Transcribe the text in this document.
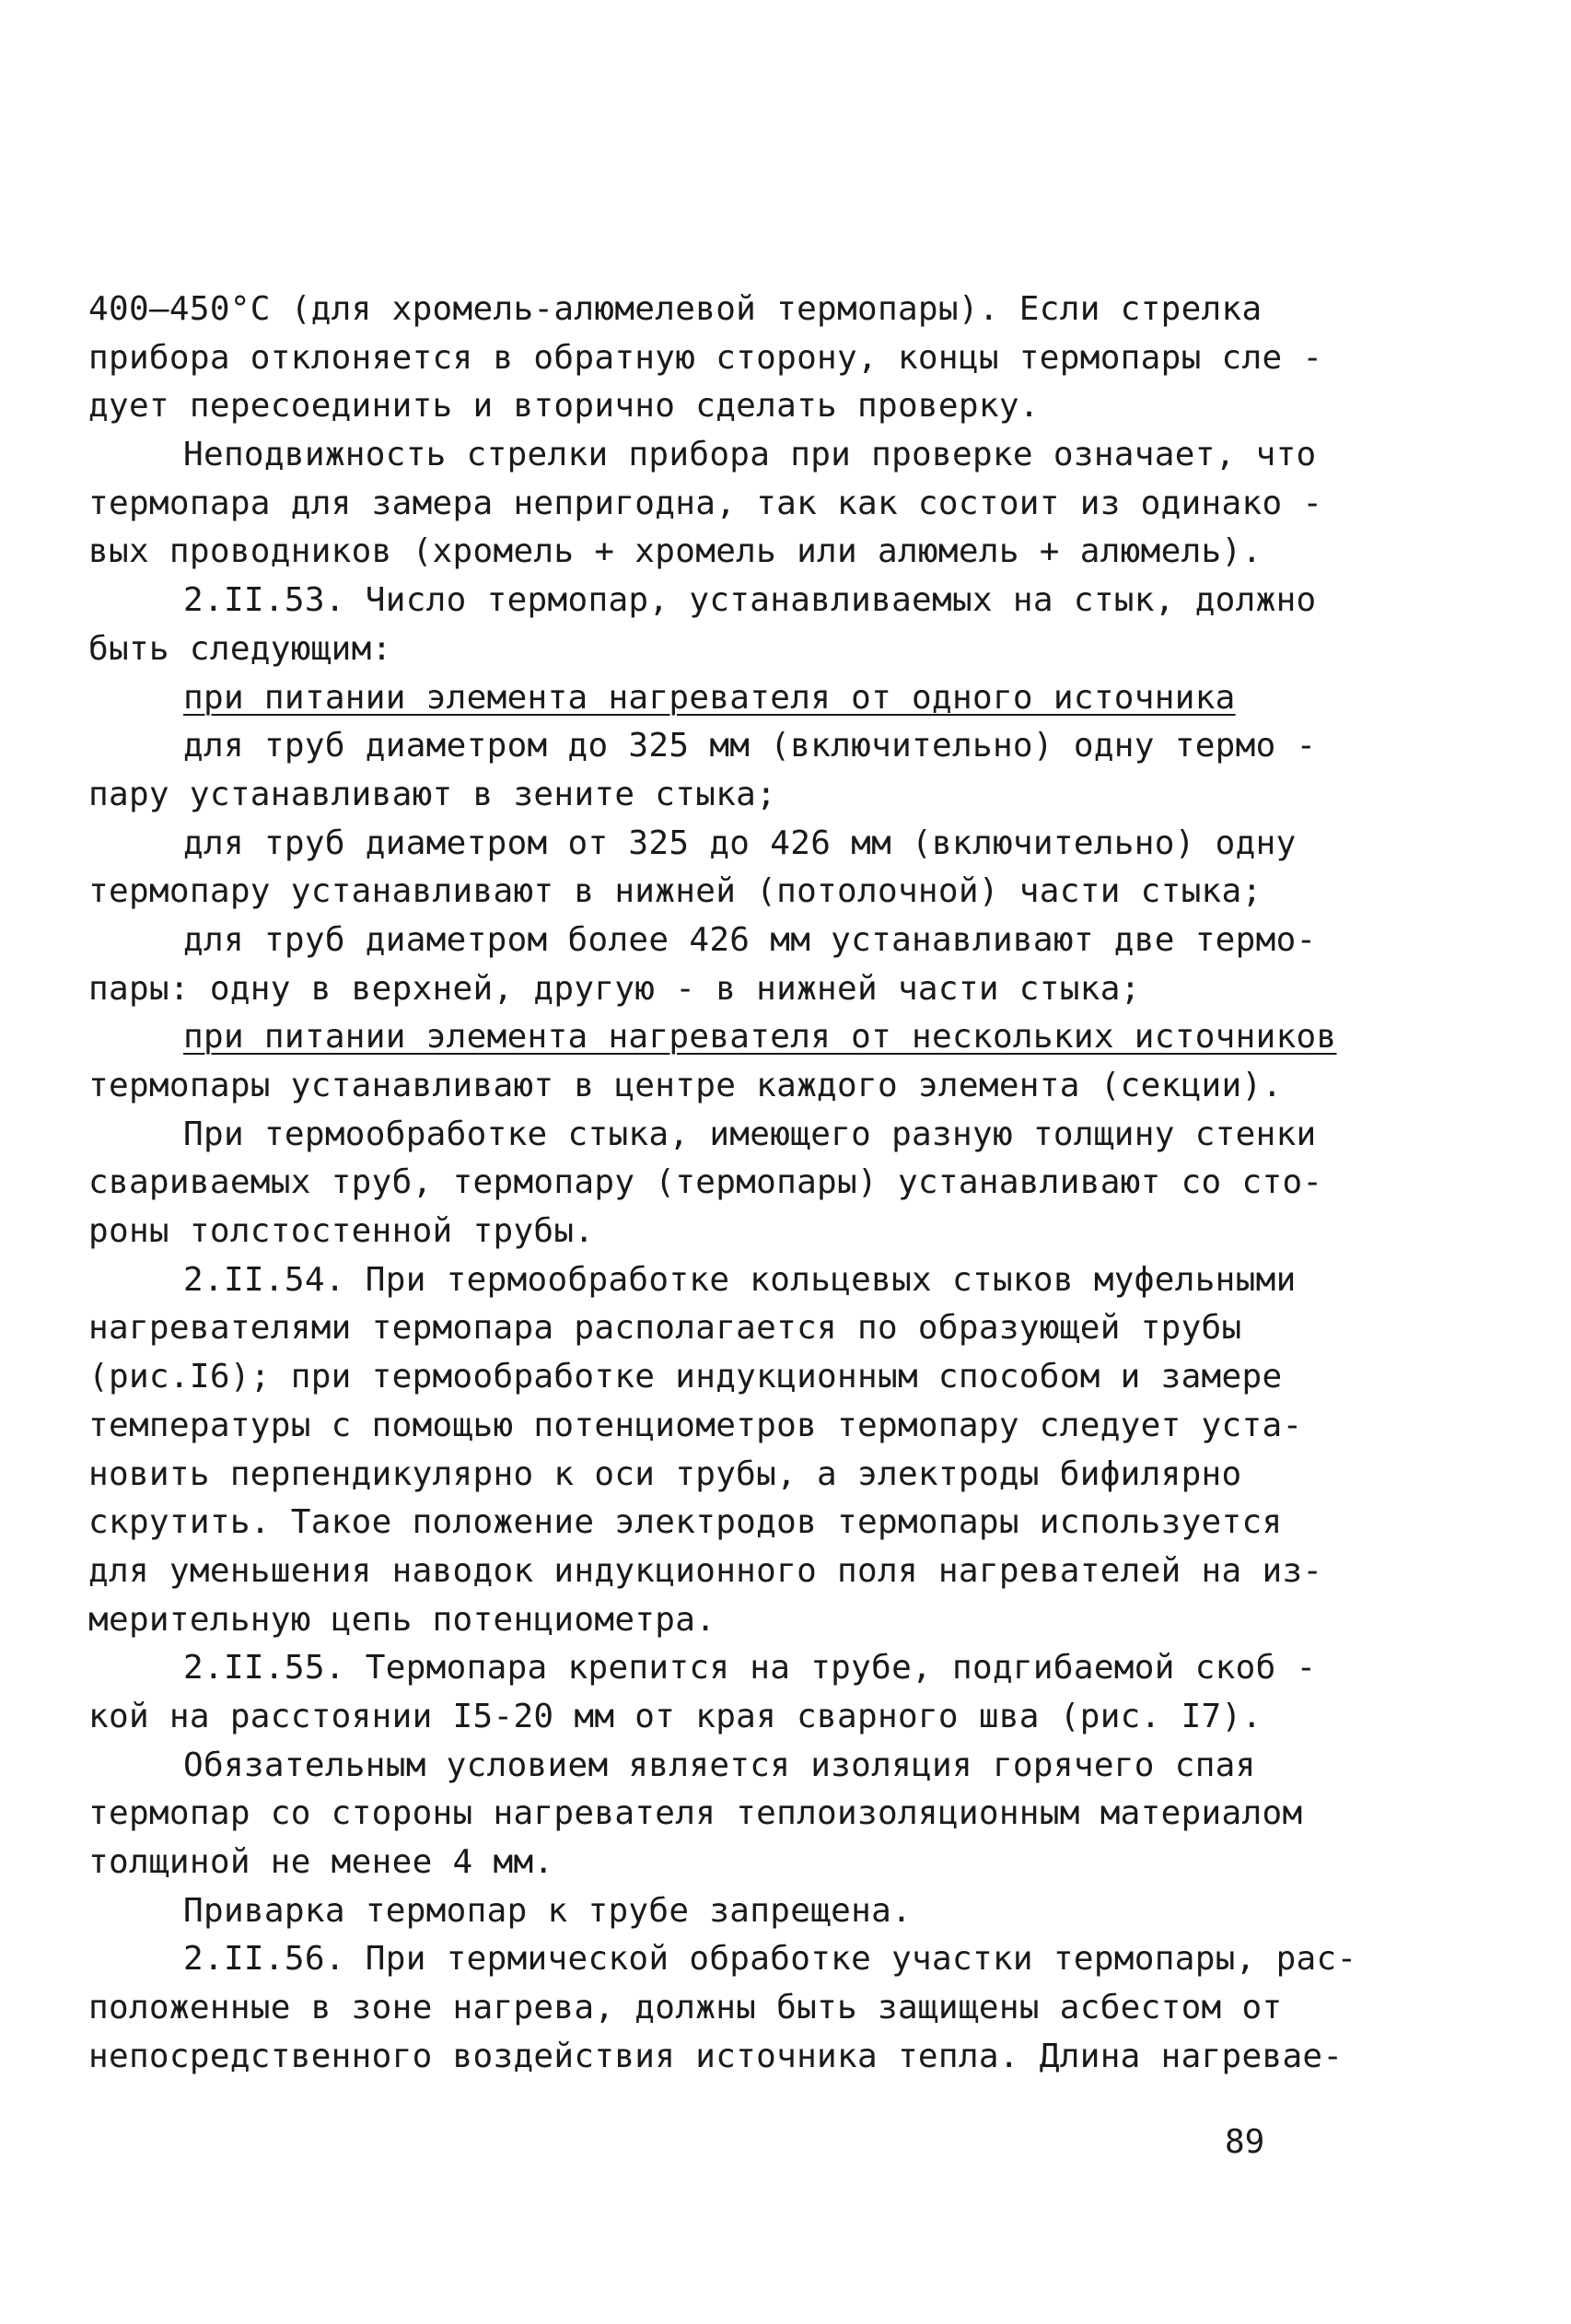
400–450°С (для хромель-алюмелевой термопары). Если стрелка
прибора отклоняется в обратную сторону, концы термопары сле -
дует пересоединить и вторично сделать проверку.
Неподвижность стрелки прибора при проверке означает, что
термопара для замера непригодна, так как состоит из одинако -
вых проводников (хромель + хромель или алюмель + алюмель).
2.II.53. Число термопар, устанавливаемых на стык, должно
быть следующим:
при питании элемента нагревателя от одного источника
для труб диаметром до 325 мм (включительно) одну термо -
пару устанавливают в зените стыка;
для труб диаметром от 325 до 426 мм (включительно) одну
термопару устанавливают в нижней (потолочной) части стыка;
для труб диаметром более 426 мм устанавливают две термо-
пары: одну в верхней, другую - в нижней части стыка;
при питании элемента нагревателя от нескольких источников
термопары устанавливают в центре каждого элемента (секции).
При термообработке стыка, имеющего разную толщину стенки
свариваемых труб, термопару (термопары) устанавливают со сто-
роны толстостенной трубы.
2.II.54. При термообработке кольцевых стыков муфельными
нагревателями термопара располагается по образующей трубы
(рис.I6); при термообработке индукционным способом и замере
температуры с помощью потенциометров термопару следует уста-
новить перпендикулярно к оси трубы, а электроды бифилярно
скрутить. Такое положение электродов термопары используется
для уменьшения наводок индукционного поля нагревателей на из-
мерительную цепь потенциометра.
2.II.55. Термопара крепится на трубе, подгибаемой скоб -
кой на расстоянии I5-20 мм от края сварного шва (рис. I7).
Обязательным условием является изоляция горячего спая
термопар со стороны нагревателя теплоизоляционным материалом
толщиной не менее 4 мм.
Приварка термопар к трубе запрещена.
2.II.56. При термической обработке участки термопары, рас-
положенные в зоне нагрева, должны быть защищены асбестом от
непосредственного воздействия источника тепла. Длина нагревае-
89
